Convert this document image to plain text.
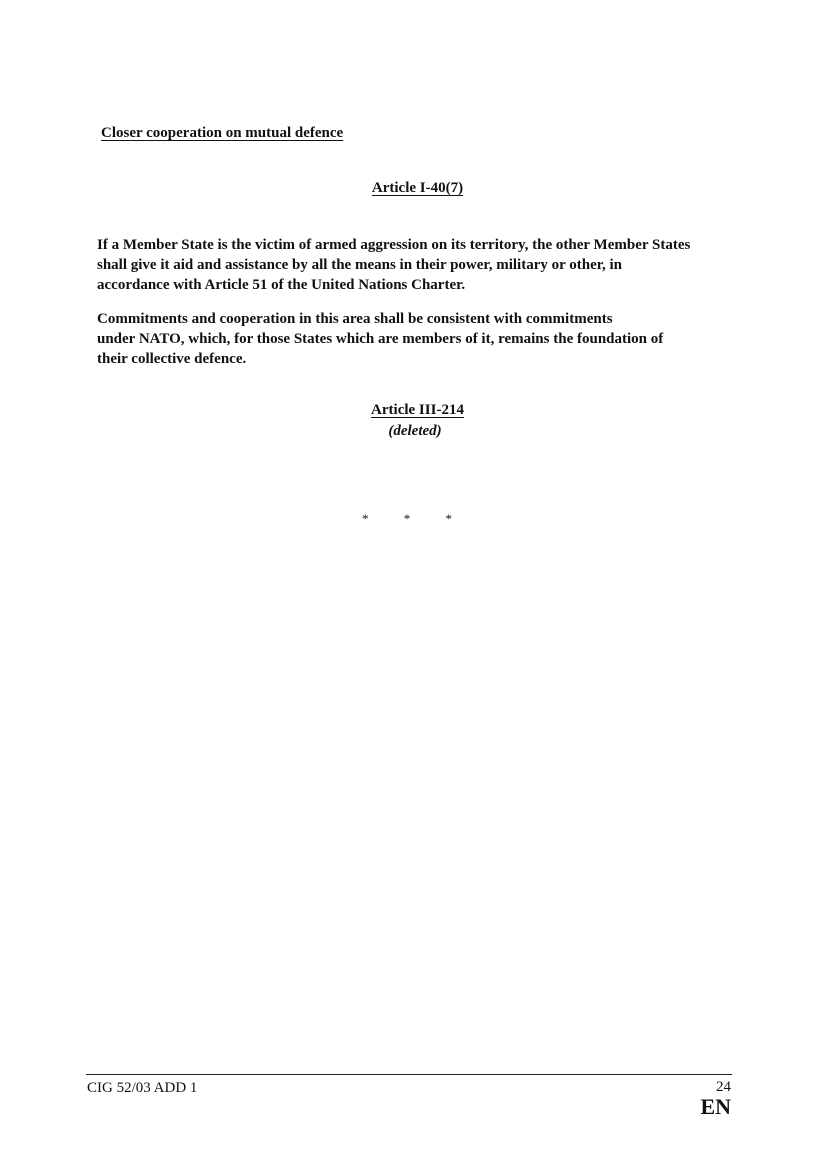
Closer cooperation on mutual defence
Article I-40(7)
If a Member State is the victim of armed aggression on its territory, the other Member States
shall give it aid and assistance by all the means in their power, military or other, in
accordance with Article 51 of the United Nations Charter.
Commitments and cooperation in this area shall be consistent with commitments
under NATO, which, for those States which are members of it, remains the foundation of
their collective defence.
Article III-214
(deleted)
* * *
CIG 52/03 ADD 1	24
EN
